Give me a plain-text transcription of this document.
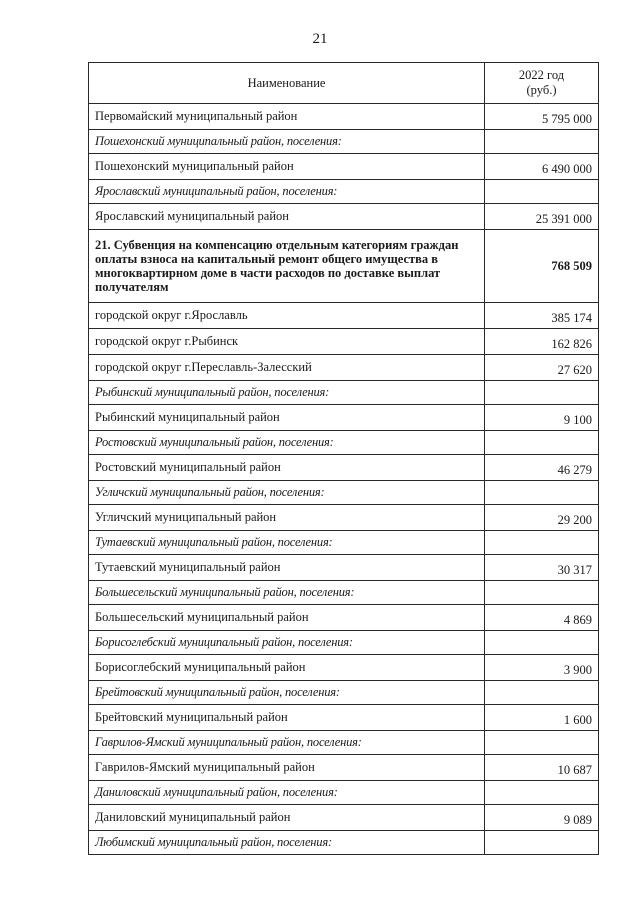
21
Наименование	2022 год
(руб.)

Первомайский муниципальный район	5 795 000
Пошехонский муниципальный район, поселения:	
Пошехонский муниципальный район	6 490 000
Ярославский муниципальный район, поселения:	
Ярославский муниципальный район	25 391 000
21. Субвенция на компенсацию отдельным категориям граждан оплаты взноса на капитальный ремонт общего имущества в многоквартирном доме в части расходов по доставке выплат получателям	768 509
городской округ г.Ярославль	385 174
городской округ г.Рыбинск	162 826
городской округ г.Переславль-Залесский	27 620
Рыбинский муниципальный район, поселения:	
Рыбинский муниципальный район	9 100
Ростовский муниципальный район, поселения:	
Ростовский муниципальный район	46 279
Угличский муниципальный район, поселения:	
Угличский муниципальный район	29 200
Тутаевский муниципальный район, поселения:	
Тутаевский муниципальный район	30 317
Большесельский муниципальный район, поселения:	
Большесельский муниципальный район	4 869
Борисоглебский муниципальный район, поселения:	
Борисоглебский муниципальный район	3 900
Брейтовский муниципальный район, поселения:	
Брейтовский муниципальный район	1 600
Гаврилов-Ямский муниципальный район, поселения:	
Гаврилов-Ямский муниципальный район	10 687
Даниловский муниципальный район, поселения:	
Даниловский муниципальный район	9 089
Любимский муниципальный район, поселения:	
